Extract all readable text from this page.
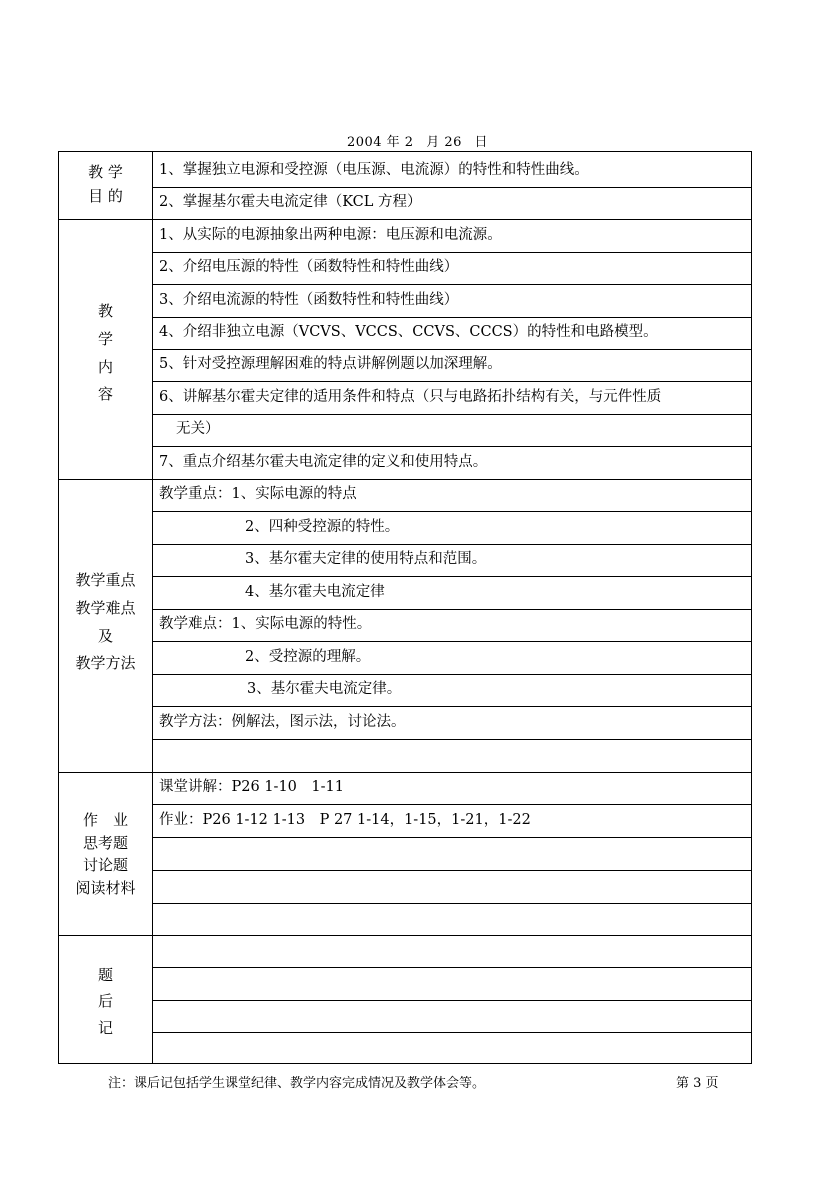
2004 年 2 月 26 日
教 学
目 的
教
学
内
容
教学重点
教学难点
及
教学方法
作　业
思考题
讨论题
阅读材料
题
后
记
1、掌握独立电源和受控源（电压源、电流源）的特性和特性曲线。
2、掌握基尔霍夫电流定律（KCL 方程）
1、从实际的电源抽象出两种电源：电压源和电流源。
2、介绍电压源的特性（函数特性和特性曲线）
3、介绍电流源的特性（函数特性和特性曲线）
4、介绍非独立电源（VCVS、VCCS、CCVS、CCCS）的特性和电路模型。
5、针对受控源理解困难的特点讲解例题以加深理解。
6、讲解基尔霍夫定律的适用条件和特点（只与电路拓扑结构有关，与元件性质
无关）
7、重点介绍基尔霍夫电流定律的定义和使用特点。
教学重点：1、实际电源的特点
2、四种受控源的特性。
3、基尔霍夫定律的使用特点和范围。
4、基尔霍夫电流定律
教学难点：1、实际电源的特性。
2、受控源的理解。
3、基尔霍夫电流定律。
教学方法：例解法，图示法，讨论法。
课堂讲解：P26 1-10　1-11
作业：P26 1-12 1-13　P 27 1-14，1-15，1-21，1-22
注：课后记包括学生课堂纪律、教学内容完成情况及教学体会等。	第 3 页
